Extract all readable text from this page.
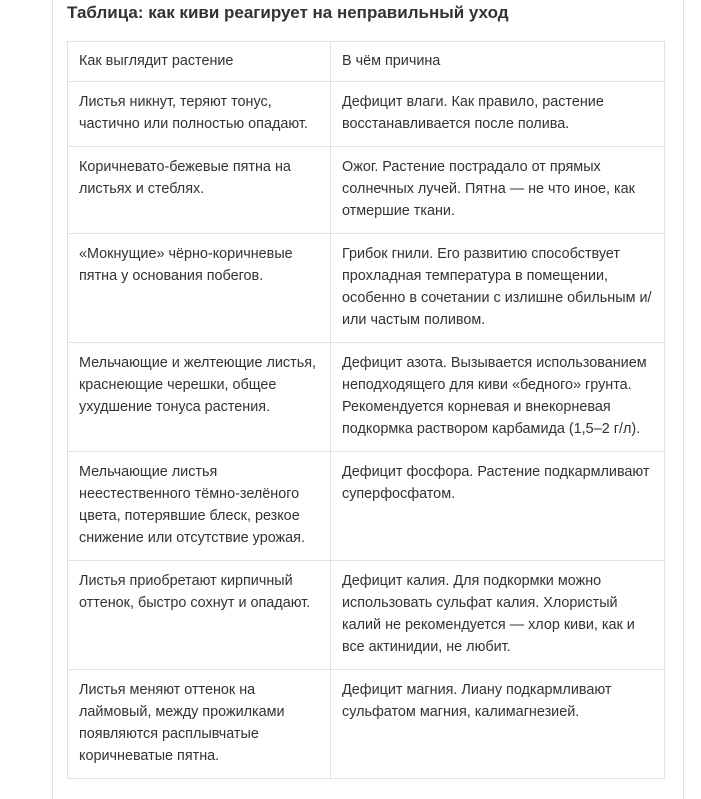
Таблица: как киви реагирует на неправильный уход
Как выглядит растение	В чём причина
Листья никнут, теряют тонус, частично или полностью опадают.	Дефицит влаги. Как правило, растение восстанавливается после полива.
Коричневато-бежевые пятна на листьях и стеблях.	Ожог. Растение пострадало от прямых солнечных лучей. Пятна — не что иное, как отмершие ткани.
«Мокнущие» чёрно-коричневые пятна у основания побегов.	Грибок гнили. Его развитию способствует прохладная температура в помещении, особенно в сочетании с излишне обильным и/или частым поливом.
Мельчающие и желтеющие листья, краснеющие черешки, общее ухудшение тонуса растения.	Дефицит азота. Вызывается использованием неподходящего для киви «бедного» грунта. Рекомендуется корневая и внекорневая подкормка раствором карбамида (1,5–2 г/л).
Мельчающие листья неестественного тёмно-зелёного цвета, потерявшие блеск, резкое снижение или отсутствие урожая.	Дефицит фосфора. Растение подкармливают суперфосфатом.
Листья приобретают кирпичный оттенок, быстро сохнут и опадают.	Дефицит калия. Для подкормки можно использовать сульфат калия. Хлористый калий не рекомендуется — хлор киви, как и все актинидии, не любит.
Листья меняют оттенок на лаймовый, между прожилками появляются расплывчатые коричневатые пятна.	Дефицит магния. Лиану подкармливают сульфатом магния, калимагнезией.
